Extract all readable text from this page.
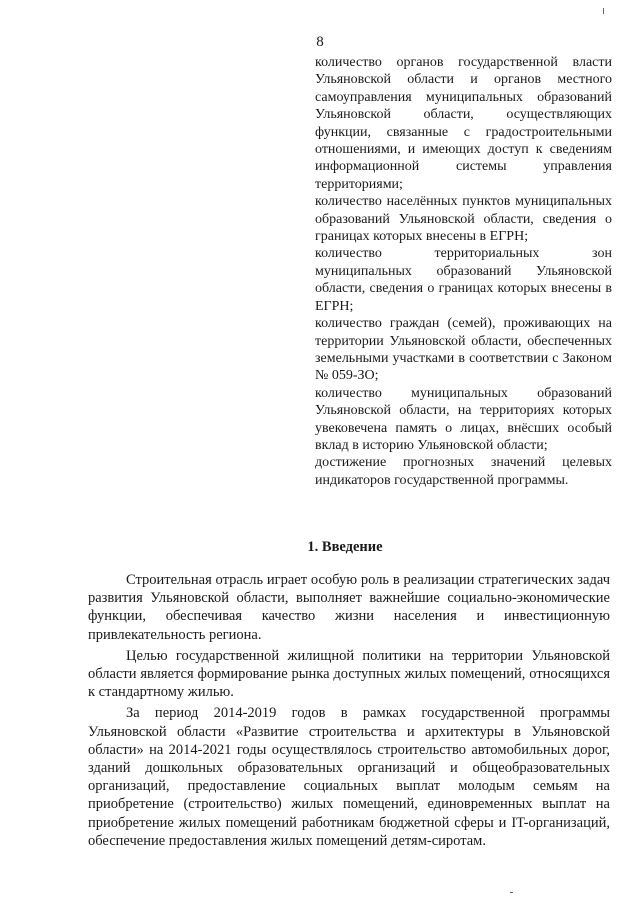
8

количество органов государственной власти Ульяновской области и органов местного самоуправления муниципальных образований Ульяновской области, осуществляющих функции, связанные с градостроительными отношениями, и имеющих доступ к сведениям информационной системы управления территориями;

количество населённых пунктов муниципальных образований Ульяновской области, сведения о границах которых внесены в ЕГРН;

количество территориальных зон муниципальных образований Ульяновской области, сведения о границах которых внесены в ЕГРН;

количество граждан (семей), проживающих на территории Ульяновской области, обеспеченных земельными участками в соответствии с Законом № 059-ЗО;

количество муниципальных образований Ульяновской области, на территориях которых увековечена память о лицах, внёсших особый вклад в историю Ульяновской области;

достижение прогнозных значений целевых индикаторов государственной программы.

1. Введение

Строительная отрасль играет особую роль в реализации стратегических задач развития Ульяновской области, выполняет важнейшие социально-экономические функции, обеспечивая качество жизни населения и инвестиционную привлекательность региона.

Целью государственной жилищной политики на территории Ульяновской области является формирование рынка доступных жилых помещений, относящихся к стандартному жилью.

За период 2014-2019 годов в рамках государственной программы Ульяновской области «Развитие строительства и архитектуры в Ульяновской области» на 2014-2021 годы осуществлялось строительство автомобильных дорог, зданий дошкольных образовательных организаций и общеобразовательных организаций, предоставление социальных выплат молодым семьям на приобретение (строительство) жилых помещений, единовременных выплат на приобретение жилых помещений работникам бюджетной сферы и IT-организаций, обеспечение предоставления жилых помещений детям-сиротам.
